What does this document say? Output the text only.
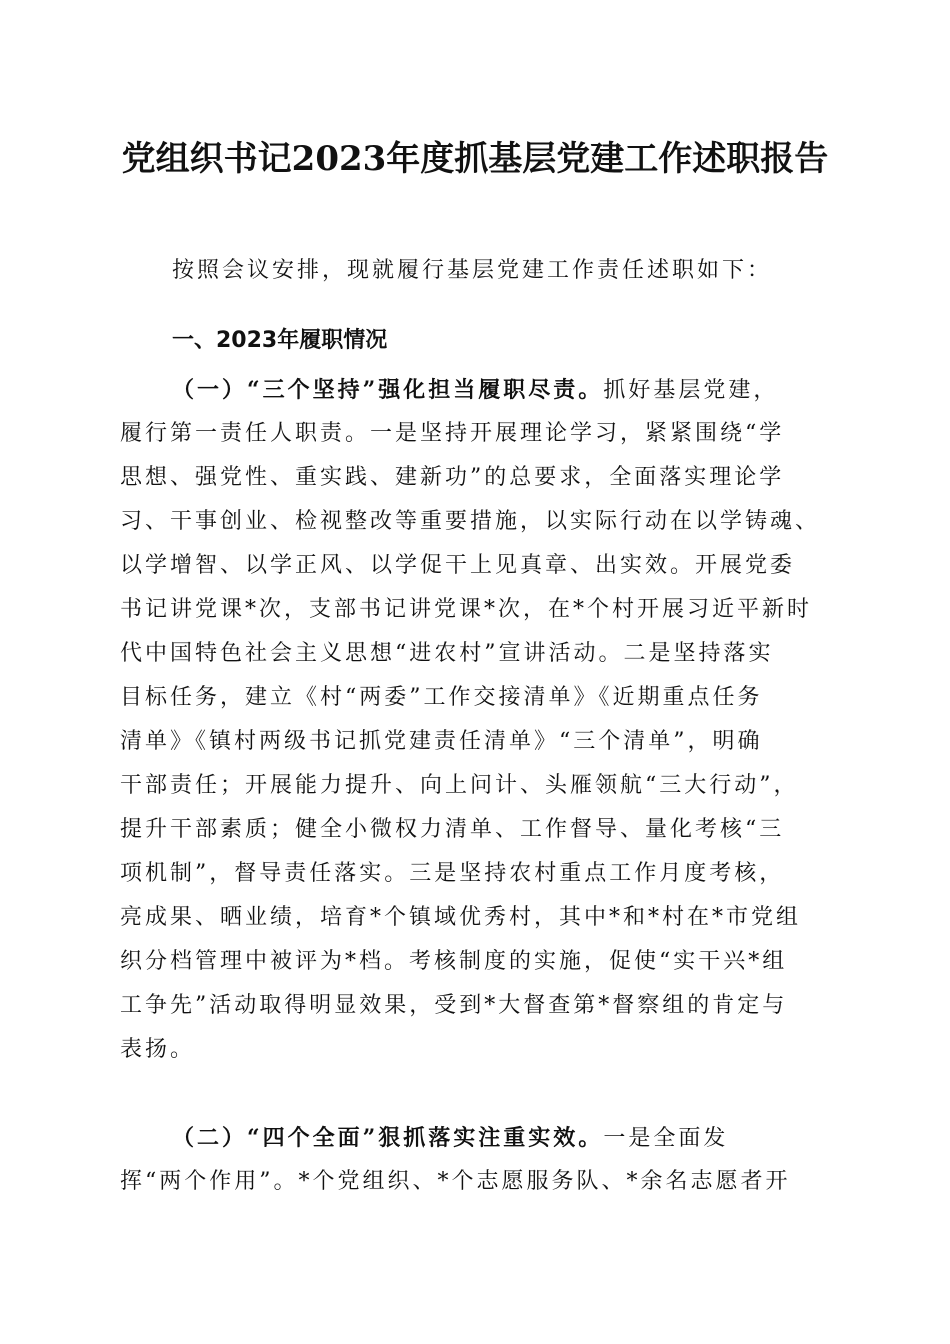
党组织书记2023年度抓基层党建工作述职报告
按照会议安排，现就履行基层党建工作责任述职如下：
一、2023年履职情况
（一）“三个坚持”强化担当履职尽责。抓好基层党建，
履行第一责任人职责。一是坚持开展理论学习，紧紧围绕“学
思想、强党性、重实践、建新功”的总要求，全面落实理论学
习、干事创业、检视整改等重要措施，以实际行动在以学铸魂、
以学增智、以学正风、以学促干上见真章、出实效。开展党委
书记讲党课*次，支部书记讲党课*次，在*个村开展习近平新时
代中国特色社会主义思想“进农村”宣讲活动。二是坚持落实
目标任务，建立《村“两委”工作交接清单》《近期重点任务
清单》《镇村两级书记抓党建责任清单》“三个清单”，明确
干部责任；开展能力提升、向上问计、头雁领航“三大行动”，
提升干部素质；健全小微权力清单、工作督导、量化考核“三
项机制”，督导责任落实。三是坚持农村重点工作月度考核，
亮成果、晒业绩，培育*个镇域优秀村，其中*和*村在*市党组
织分档管理中被评为*档。考核制度的实施，促使“实干兴*组
工争先”活动取得明显效果，受到*大督查第*督察组的肯定与
表扬。
（二）“四个全面”狠抓落实注重实效。一是全面发
挥“两个作用”。*个党组织、*个志愿服务队、*余名志愿者开
